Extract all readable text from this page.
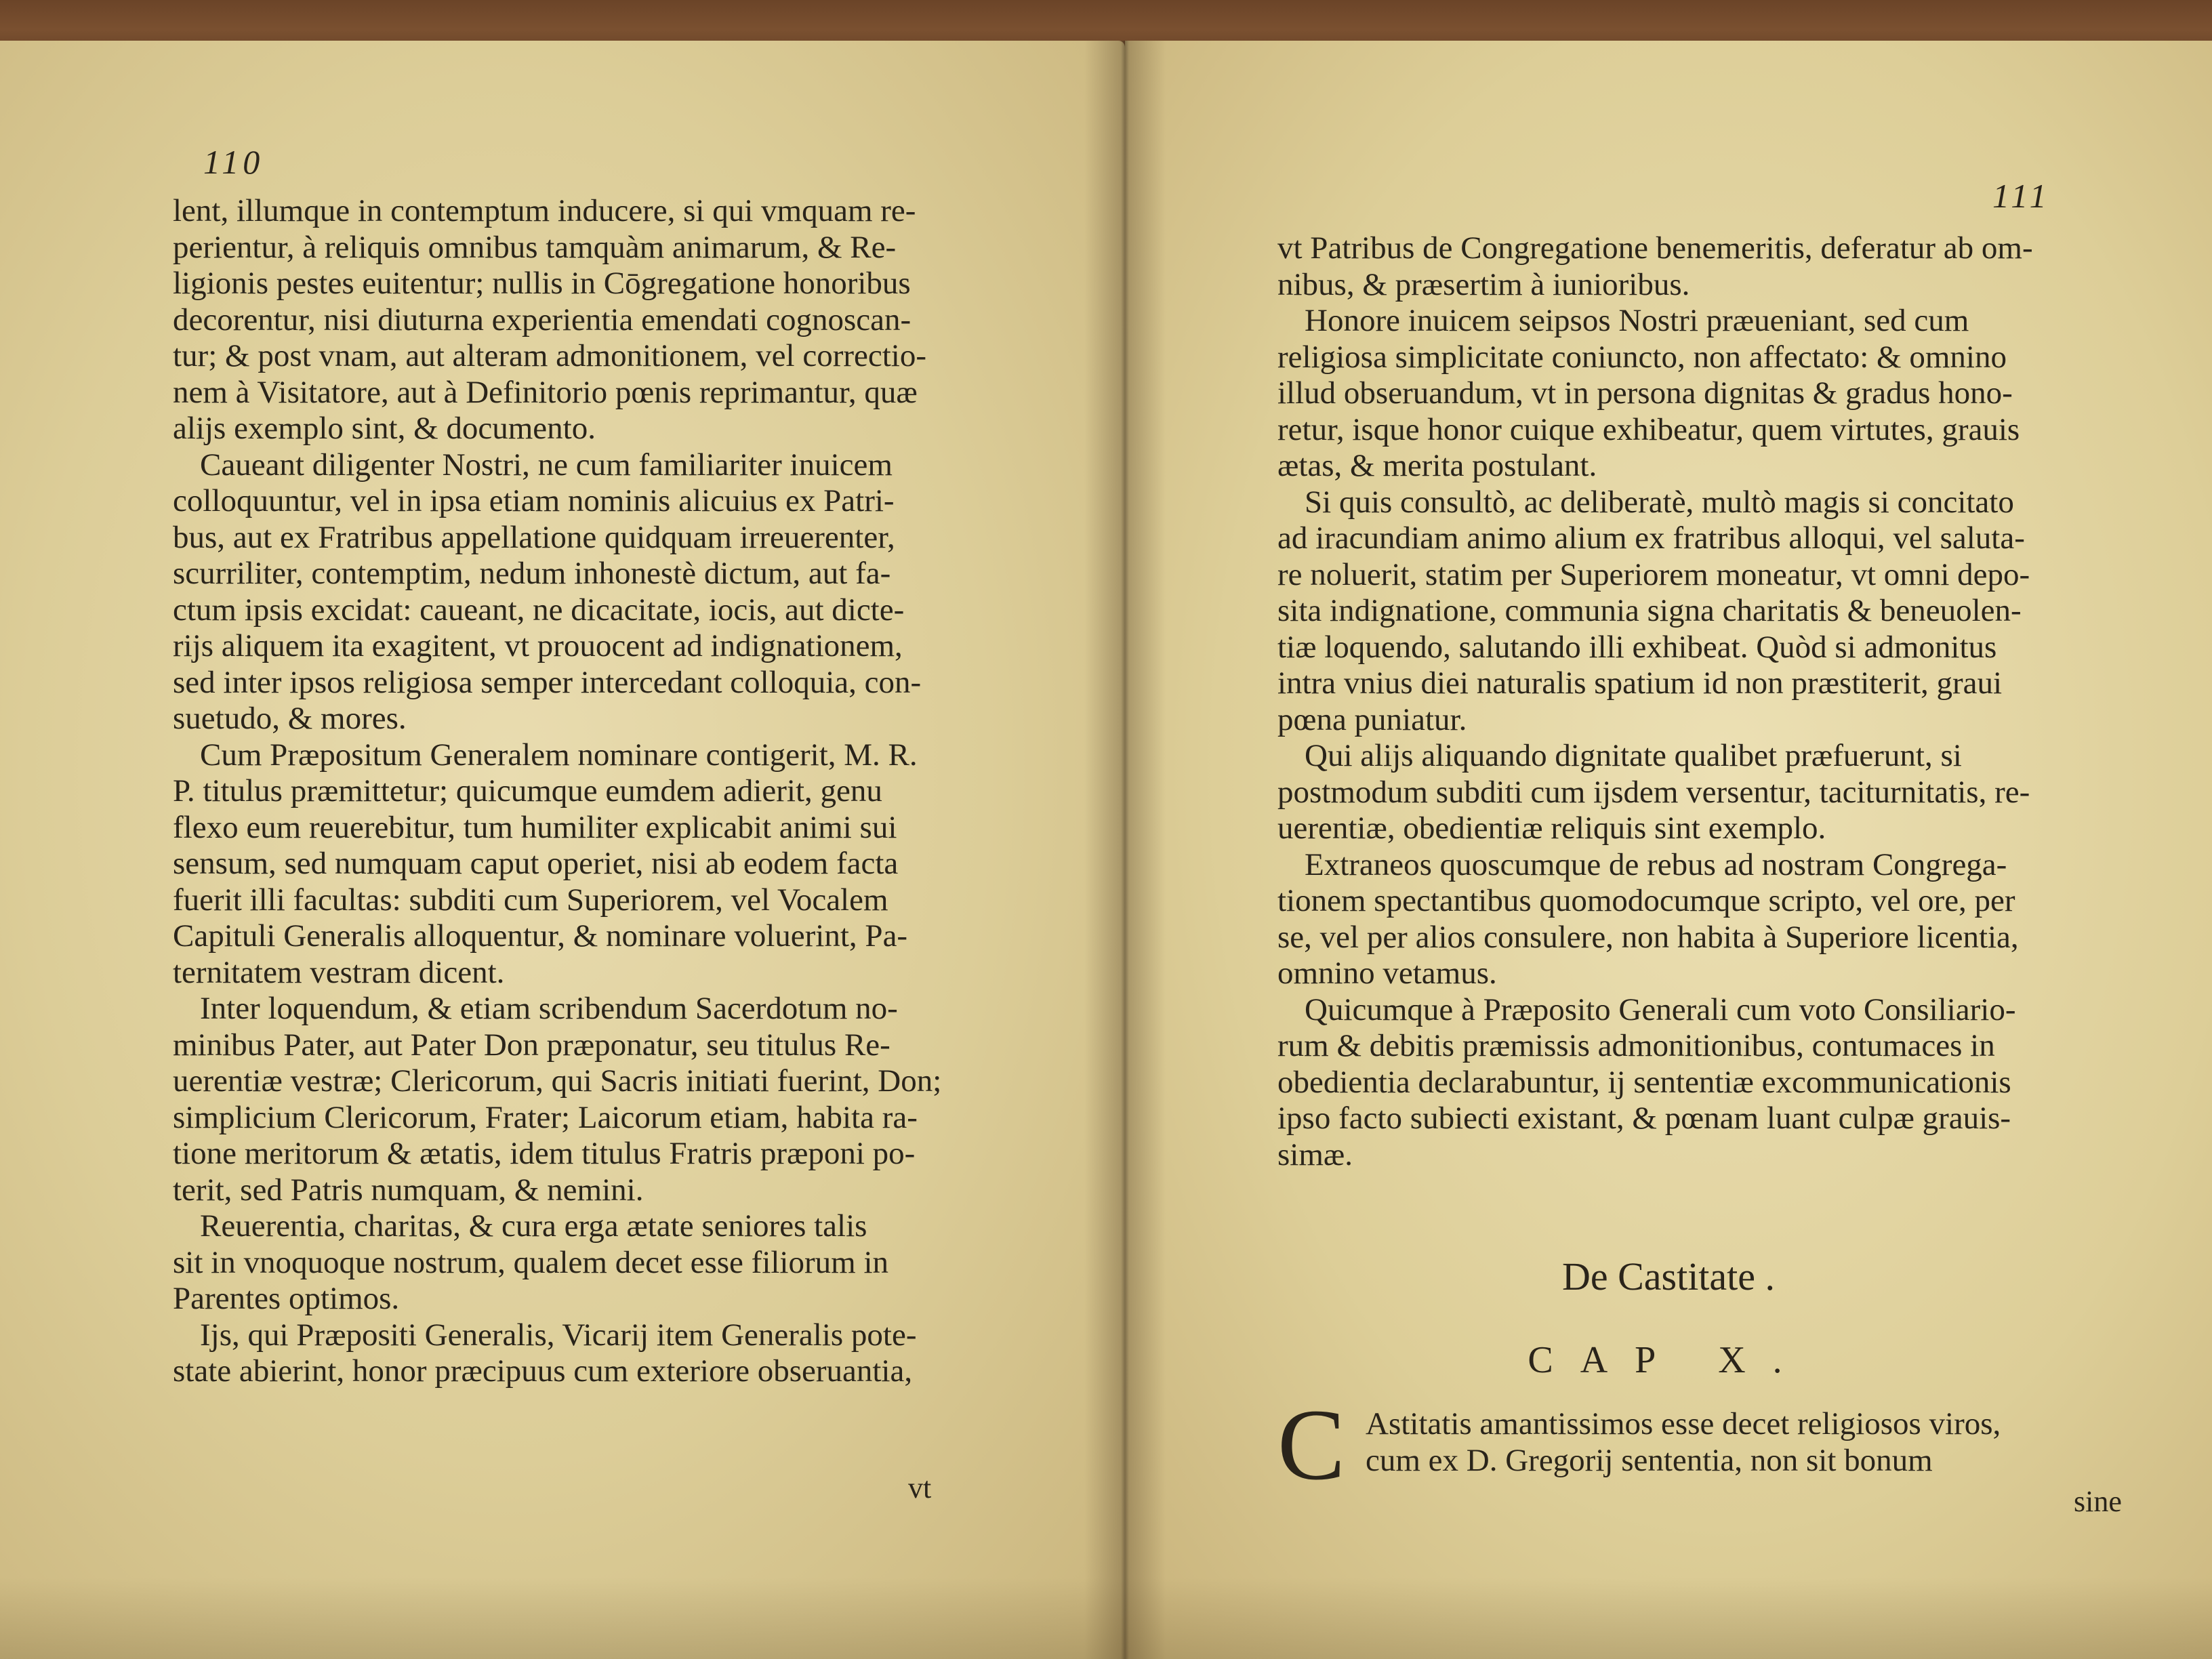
110
lent, illumque in contemptum inducere, si qui vmquam re-
perientur, à reliquis omnibus tamquàm animarum, & Re-
ligionis pestes euitentur; nullis in Cōgregatione honoribus
decorentur, nisi diuturna experientia emendati cognoscan-
tur; & post vnam, aut alteram admonitionem, vel correctio-
nem à Visitatore, aut à Definitorio pœnis reprimantur, quæ
alijs exemplo sint, & documento.
Caueant diligenter Nostri, ne cum familiariter inuicem
colloquuntur, vel in ipsa etiam nominis alicuius ex Patri-
bus, aut ex Fratribus appellatione quidquam irreuerenter,
scurriliter, contemptim, nedum inhonestè dictum, aut fa-
ctum ipsis excidat: caueant, ne dicacitate, iocis, aut dicte-
rijs aliquem ita exagitent, vt prouocent ad indignationem,
sed inter ipsos religiosa semper intercedant colloquia, con-
suetudo, & mores.
Cum Præpositum Generalem nominare contigerit, M. R.
P. titulus præmittetur; quicumque eumdem adierit, genu
flexo eum reuerebitur, tum humiliter explicabit animi sui
sensum, sed numquam caput operiet, nisi ab eodem facta
fuerit illi facultas: subditi cum Superiorem, vel Vocalem
Capituli Generalis alloquentur, & nominare voluerint, Pa-
ternitatem vestram dicent.
Inter loquendum, & etiam scribendum Sacerdotum no-
minibus Pater, aut Pater Don præponatur, seu titulus Re-
uerentiæ vestræ; Clericorum, qui Sacris initiati fuerint, Don;
simplicium Clericorum, Frater; Laicorum etiam, habita ra-
tione meritorum & ætatis, idem titulus Fratris præponi po-
terit, sed Patris numquam, & nemini.
Reuerentia, charitas, & cura erga ætate seniores talis
sit in vnoquoque nostrum, qualem decet esse filiorum in
Parentes optimos.
Ijs, qui Præpositi Generalis, Vicarij item Generalis pote-
state abierint, honor præcipuus cum exteriore obseruantia,
vt
111
vt Patribus de Congregatione benemeritis, deferatur ab om-
nibus, & præsertim à iunioribus.
Honore inuicem seipsos Nostri præueniant, sed cum
religiosa simplicitate coniuncto, non affectato: & omnino
illud obseruandum, vt in persona dignitas & gradus hono-
retur, isque honor cuique exhibeatur, quem virtutes, grauis
ætas, & merita postulant.
Si quis consultò, ac deliberatè, multò magis si concitato
ad iracundiam animo alium ex fratribus alloqui, vel saluta-
re noluerit, statim per Superiorem moneatur, vt omni depo-
sita indignatione, communia signa charitatis & beneuolen-
tiæ loquendo, salutando illi exhibeat. Quòd si admonitus
intra vnius diei naturalis spatium id non præstiterit, graui
pœna puniatur.
Qui alijs aliquando dignitate qualibet præfuerunt, si
postmodum subditi cum ijsdem versentur, taciturnitatis, re-
uerentiæ, obedientiæ reliquis sint exemplo.
Extraneos quoscumque de rebus ad nostram Congrega-
tionem spectantibus quomodocumque scripto, vel ore, per
se, vel per alios consulere, non habita à Superiore licentia,
omnino vetamus.
Quicumque à Præposito Generali cum voto Consiliario-
rum & debitis præmissis admonitionibus, contumaces in
obedientia declarabuntur, ij sententiæ excommunicationis
ipso facto subiecti existant, & pœnam luant culpæ grauis-
simæ.
De Castitate .
CAP X.
C Astitatis amantissimos esse decet religiosos viros,
cum ex D. Gregorij sententia, non sit bonum
sine
